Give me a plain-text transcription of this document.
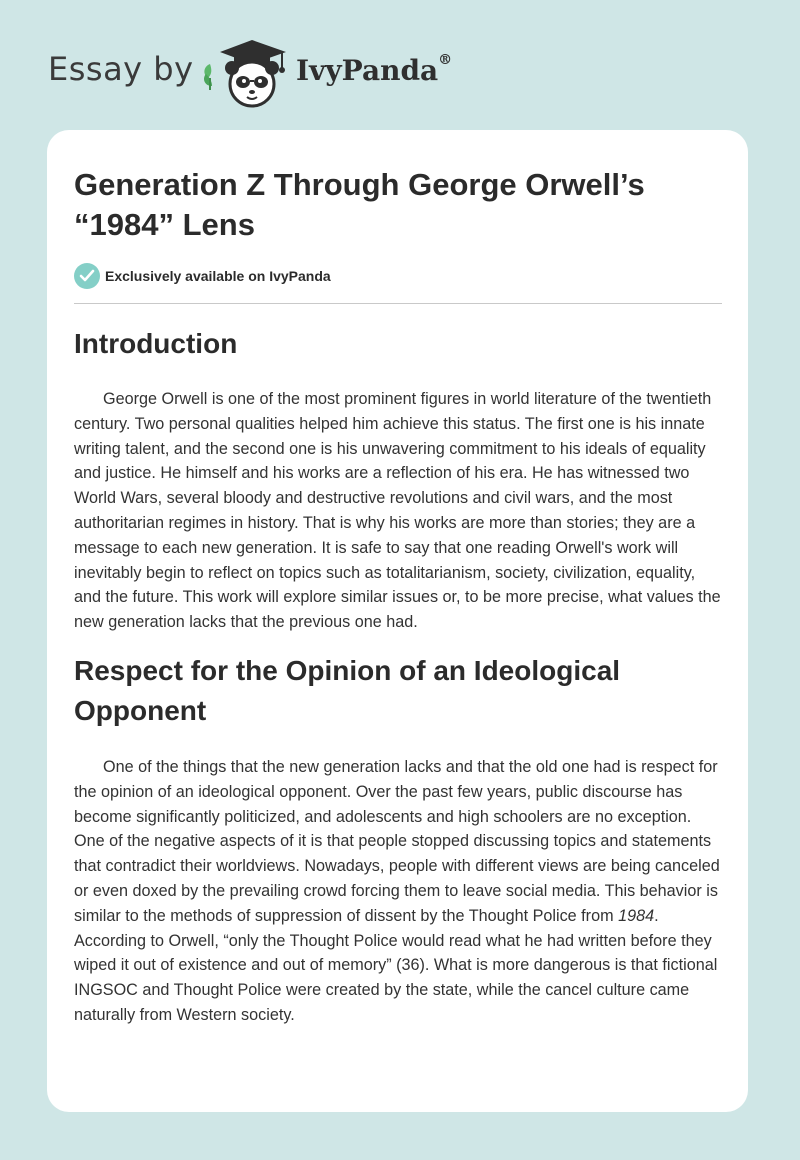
Essay by	IvyPanda®
Generation Z Through George Orwell’s “1984” Lens
Exclusively available on IvyPanda
Introduction

George Orwell is one of the most prominent figures in world literature of the twentieth century. Two personal qualities helped him achieve this status. The first one is his innate writing talent, and the second one is his unwavering commitment to his ideals of equality and justice. He himself and his works are a reflection of his era. He has witnessed two World Wars, several bloody and destructive revolutions and civil wars, and the most authoritarian regimes in history. That is why his works are more than stories; they are a message to each new generation. It is safe to say that one reading Orwell's work will inevitably begin to reflect on topics such as totalitarianism, society, civilization, equality, and the future. This work will explore similar issues or, to be more precise, what values the new generation lacks that the previous one had.

Respect for the Opinion of an Ideological Opponent

One of the things that the new generation lacks and that the old one had is respect for the opinion of an ideological opponent. Over the past few years, public discourse has become significantly politicized, and adolescents and high schoolers are no exception. One of the negative aspects of it is that people stopped discussing topics and statements that contradict their worldviews. Nowadays, people with different views are being canceled or even doxed by the prevailing crowd forcing them to leave social media. This behavior is similar to the methods of suppression of dissent by the Thought Police from 1984. According to Orwell, “only the Thought Police would read what he had written before they wiped it out of existence and out of memory” (36). What is more dangerous is that fictional INGSOC and Thought Police were created by the state, while the cancel culture came naturally from Western society.
